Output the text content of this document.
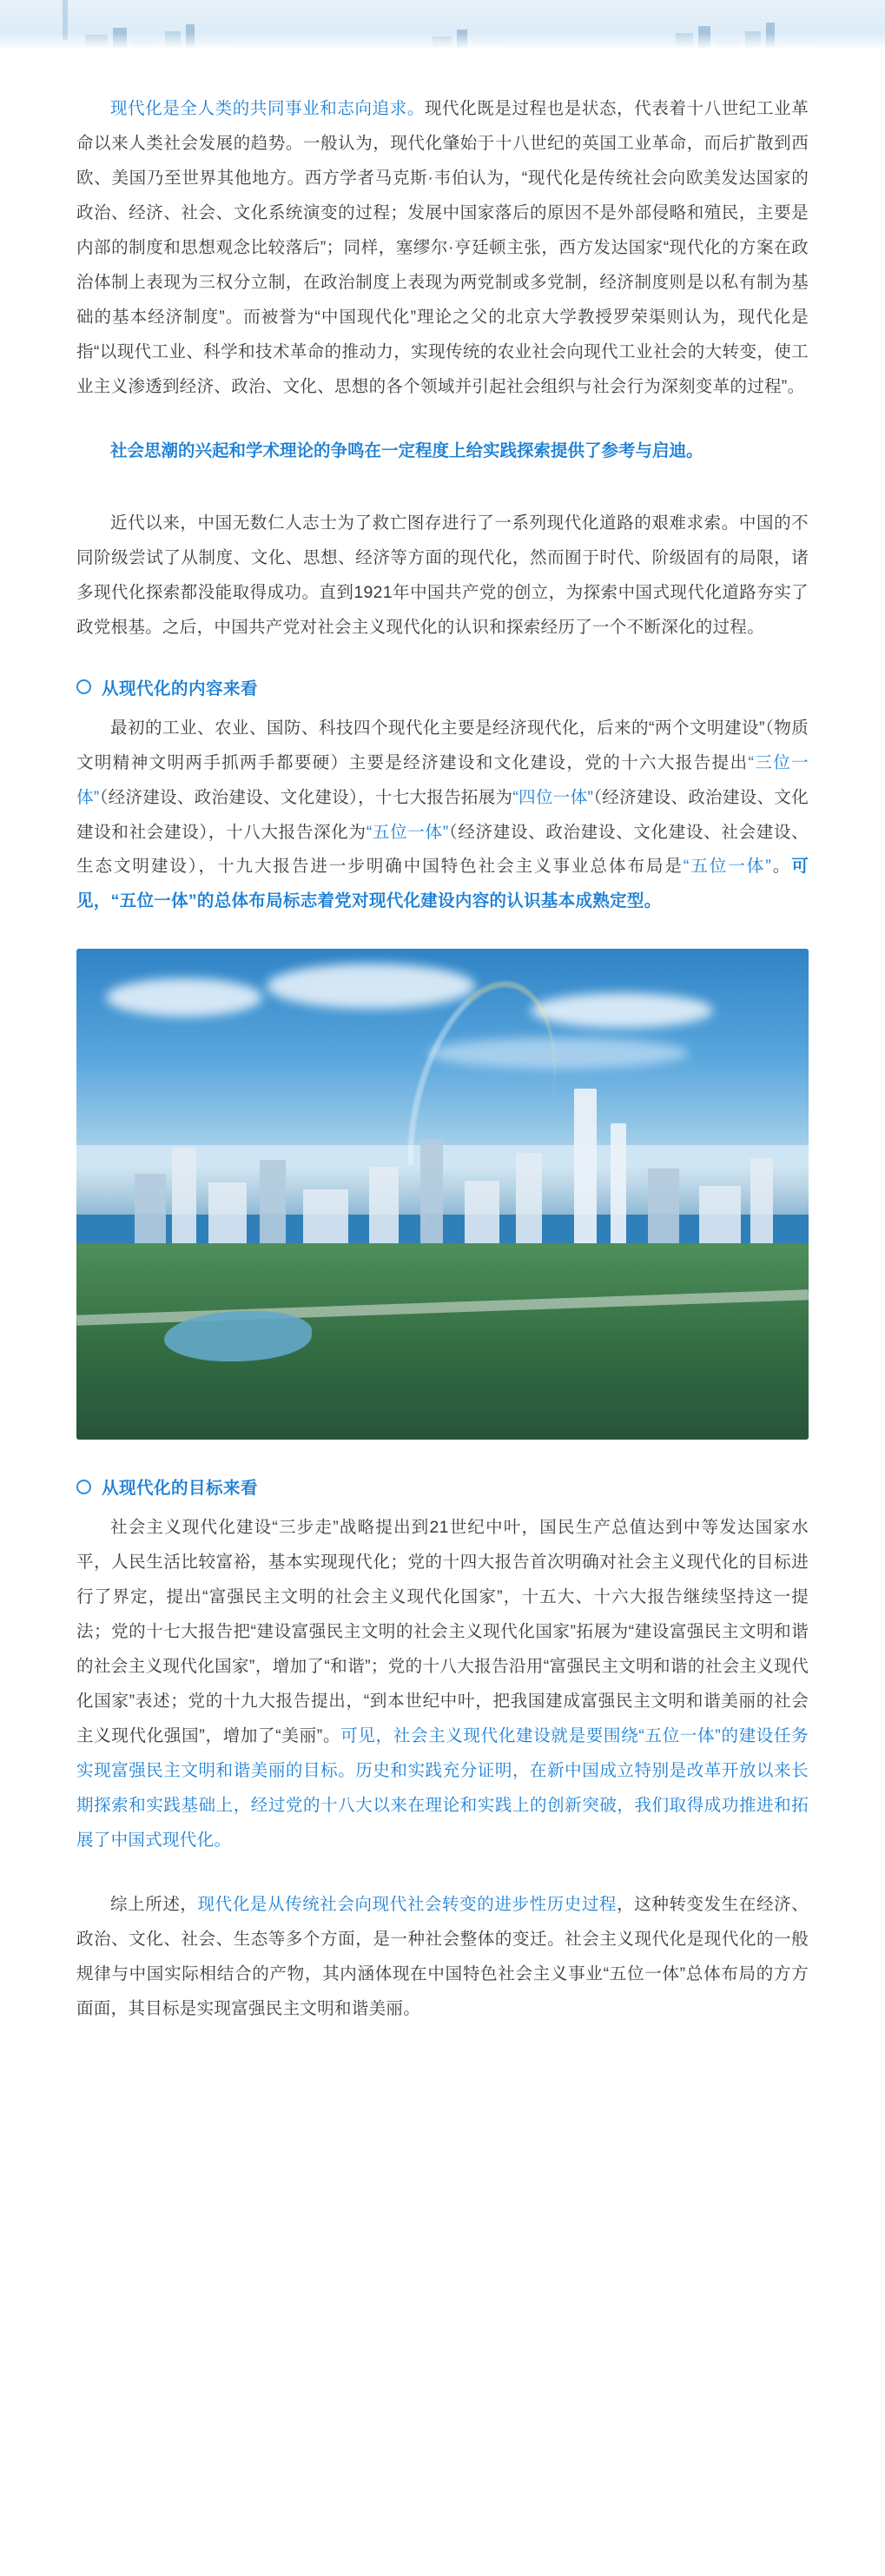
现代化是全人类的共同事业和志向追求。现代化既是过程也是状态，代表着十八世纪工业革命以来人类社会发展的趋势。一般认为，现代化肇始于十八世纪的英国工业革命，而后扩散到西欧、美国乃至世界其他地方。西方学者马克斯·韦伯认为，“现代化是传统社会向欧美发达国家的政治、经济、社会、文化系统演变的过程；发展中国家落后的原因不是外部侵略和殖民，主要是内部的制度和思想观念比较落后”；同样，塞缪尔·亨廷顿主张，西方发达国家“现代化的方案在政治体制上表现为三权分立制，在政治制度上表现为两党制或多党制，经济制度则是以私有制为基础的基本经济制度”。而被誉为“中国现代化”理论之父的北京大学教授罗荣渠则认为，现代化是指“以现代工业、科学和技术革命的推动力，实现传统的农业社会向现代工业社会的大转变，使工业主义渗透到经济、政治、文化、思想的各个领域并引起社会组织与社会行为深刻变革的过程”。

社会思潮的兴起和学术理论的争鸣在一定程度上给实践探索提供了参考与启迪。

近代以来，中国无数仁人志士为了救亡图存进行了一系列现代化道路的艰难求索。中国的不同阶级尝试了从制度、文化、思想、经济等方面的现代化，然而囿于时代、阶级固有的局限，诸多现代化探索都没能取得成功。直到1921年中国共产党的创立，为探索中国式现代化道路夯实了政党根基。之后，中国共产党对社会主义现代化的认识和探索经历了一个不断深化的过程。

从现代化的内容来看

最初的工业、农业、国防、科技四个现代化主要是经济现代化，后来的“两个文明建设”（物质文明精神文明两手抓两手都要硬）主要是经济建设和文化建设，党的十六大报告提出“三位一体”（经济建设、政治建设、文化建设），十七大报告拓展为“四位一体”（经济建设、政治建设、文化建设和社会建设），十八大报告深化为“五位一体”（经济建设、政治建设、文化建设、社会建设、生态文明建设），十九大报告进一步明确中国特色社会主义事业总体布局是“五位一体”。可见，“五位一体”的总体布局标志着党对现代化建设内容的认识基本成熟定型。

从现代化的目标来看

社会主义现代化建设“三步走”战略提出到21世纪中叶，国民生产总值达到中等发达国家水平，人民生活比较富裕，基本实现现代化；党的十四大报告首次明确对社会主义现代化的目标进行了界定，提出“富强民主文明的社会主义现代化国家”，十五大、十六大报告继续坚持这一提法；党的十七大报告把“建设富强民主文明的社会主义现代化国家”拓展为“建设富强民主文明和谐的社会主义现代化国家”，增加了“和谐”；党的十八大报告沿用“富强民主文明和谐的社会主义现代化国家”表述；党的十九大报告提出，“到本世纪中叶，把我国建成富强民主文明和谐美丽的社会主义现代化强国”，增加了“美丽”。可见，社会主义现代化建设就是要围绕“五位一体”的建设任务实现富强民主文明和谐美丽的目标。历史和实践充分证明，在新中国成立特别是改革开放以来长期探索和实践基础上，经过党的十八大以来在理论和实践上的创新突破，我们取得成功推进和拓展了中国式现代化。

综上所述，现代化是从传统社会向现代社会转变的进步性历史过程，这种转变发生在经济、政治、文化、社会、生态等多个方面，是一种社会整体的变迁。社会主义现代化是现代化的一般规律与中国实际相结合的产物，其内涵体现在中国特色社会主义事业“五位一体”总体布局的方方面面，其目标是实现富强民主文明和谐美丽。
